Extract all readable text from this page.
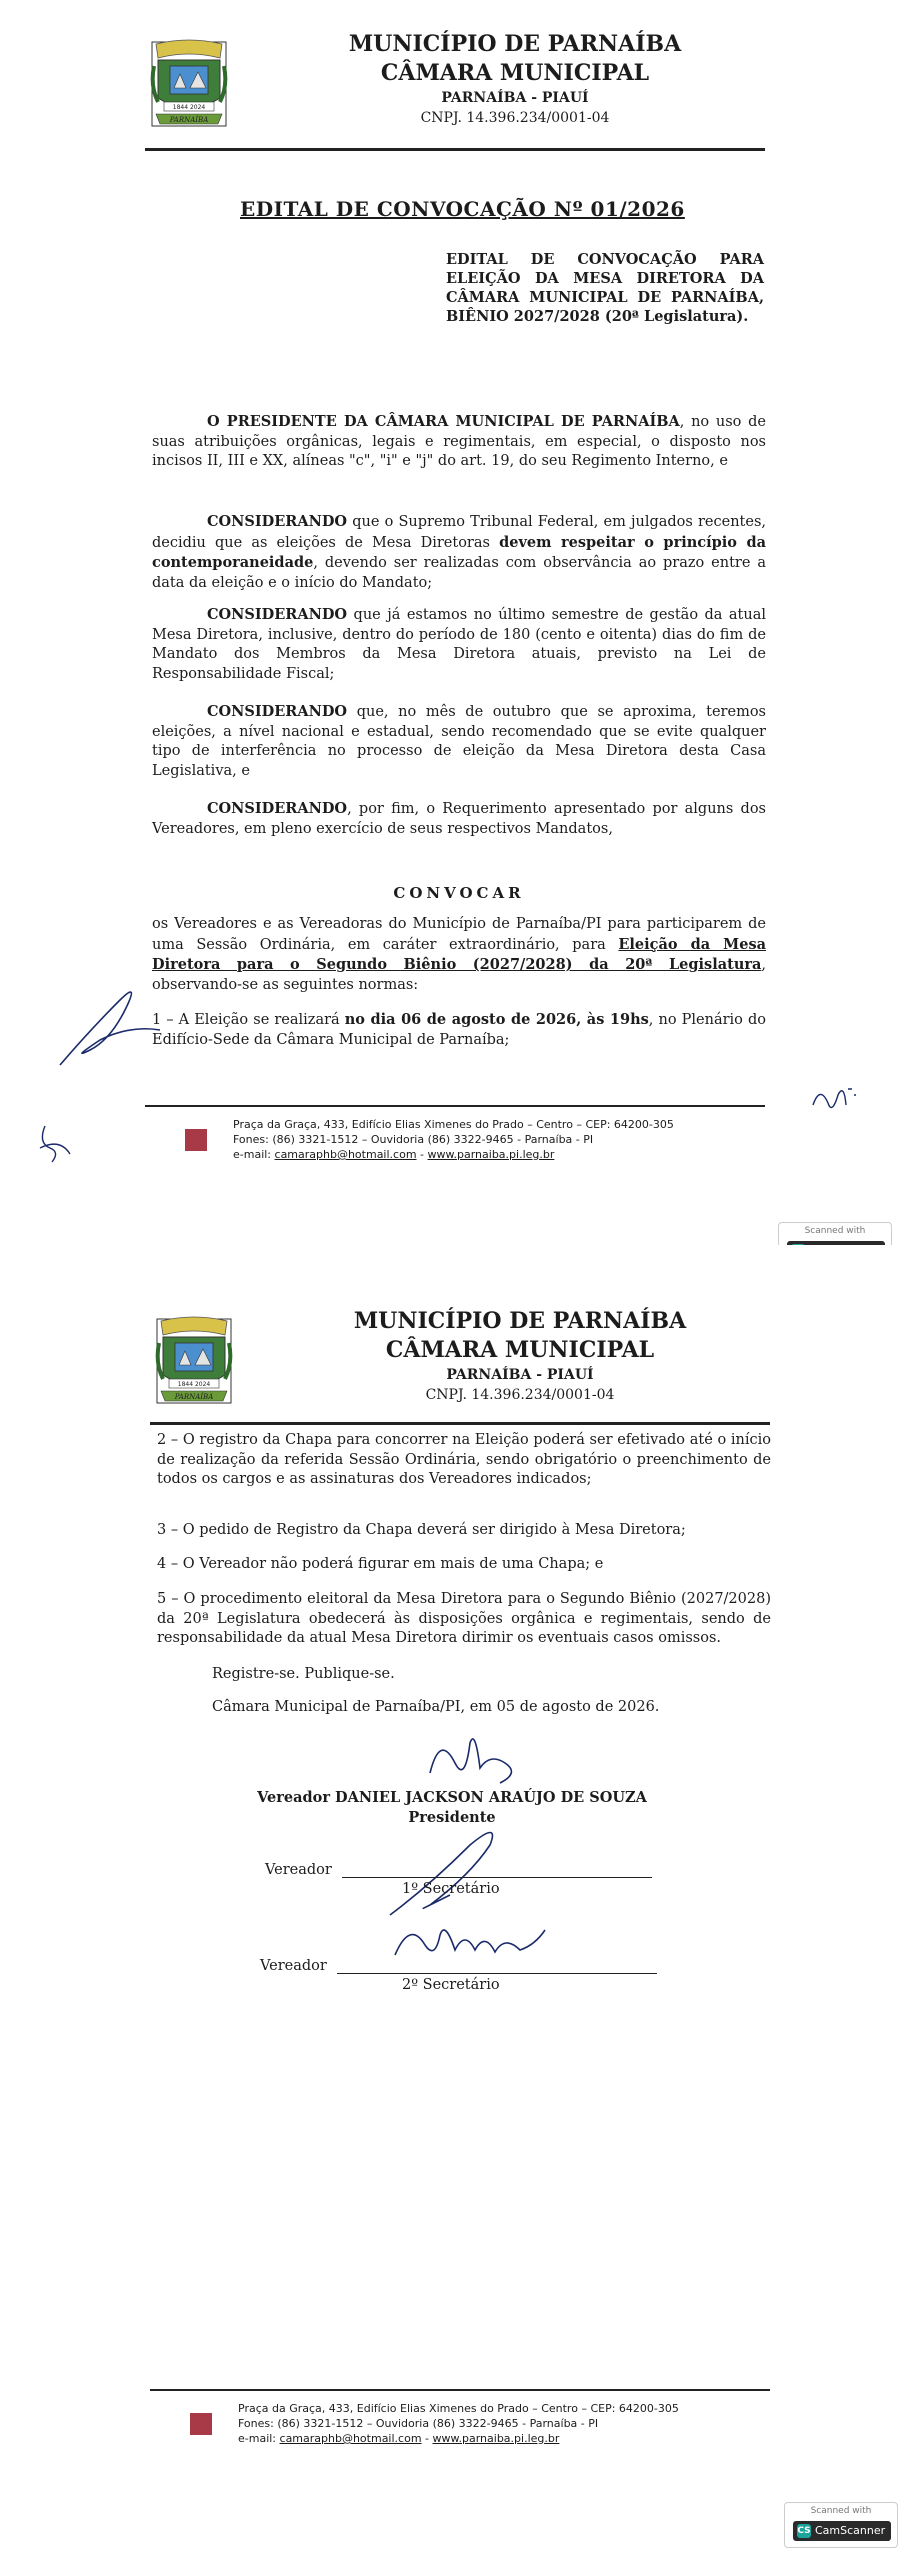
1844 2024
PARNAÍBA
MUNICÍPIO DE PARNAÍBA
CÂMARA MUNICIPAL
PARNAÍBA - PIAUÍ
CNPJ. 14.396.234/0001-04
EDITAL DE CONVOCAÇÃO Nº 01/2026
EDITAL DE CONVOCAÇÃO PARA ELEIÇÃO DA MESA DIRETORA DA CÂMARA MUNICIPAL DE PARNAÍBA, BIÊNIO 2027/2028 (20ª Legislatura).
O PRESIDENTE DA CÂMARA MUNICIPAL DE PARNAÍBA, no uso de suas atribuições orgânicas, legais e regimentais, em especial, o disposto nos incisos II, III e XX, alíneas "c", "i" e "j" do art. 19, do seu Regimento Interno, e
CONSIDERANDO que o Supremo Tribunal Federal, em julgados recentes, decidiu que as eleições de Mesa Diretoras devem respeitar o princípio da contemporaneidade, devendo ser realizadas com observância ao prazo entre a data da eleição e o início do Mandato;
CONSIDERANDO que já estamos no último semestre de gestão da atual Mesa Diretora, inclusive, dentro do período de 180 (cento e oitenta) dias do fim de Mandato dos Membros da Mesa Diretora atuais, previsto na Lei de Responsabilidade Fiscal;
CONSIDERANDO que, no mês de outubro que se aproxima, teremos eleições, a nível nacional e estadual, sendo recomendado que se evite qualquer tipo de interferência no processo de eleição da Mesa Diretora desta Casa Legislativa, e
CONSIDERANDO, por fim, o Requerimento apresentado por alguns dos Vereadores, em pleno exercício de seus respectivos Mandatos,
CONVOCAR
os Vereadores e as Vereadoras do Município de Parnaíba/PI para participarem de uma Sessão Ordinária, em caráter extraordinário, para Eleição da Mesa Diretora para o Segundo Biênio (2027/2028) da 20ª Legislatura, observando-se as seguintes normas:
1 – A Eleição se realizará no dia 06 de agosto de 2026, às 19hs, no Plenário do Edifício-Sede da Câmara Municipal de Parnaíba;
Praça da Graça, 433, Edifício Elias Ximenes do Prado – Centro – CEP: 64200-305
Fones: (86) 3321-1512 – Ouvidoria (86) 3322-9465 - Parnaíba - PI
e-mail: camaraphb@hotmail.com - www.parnaiba.pi.leg.br
Scanned with
1844 2024
PARNAÍBA
MUNICÍPIO DE PARNAÍBA
CÂMARA MUNICIPAL
PARNAÍBA - PIAUÍ
CNPJ. 14.396.234/0001-04
2 – O registro da Chapa para concorrer na Eleição poderá ser efetivado até o início de realização da referida Sessão Ordinária, sendo obrigatório o preenchimento de todos os cargos e as assinaturas dos Vereadores indicados;
3 – O pedido de Registro da Chapa deverá ser dirigido à Mesa Diretora;
4 – O Vereador não poderá figurar em mais de uma Chapa; e
5 – O procedimento eleitoral da Mesa Diretora para o Segundo Biênio (2027/2028) da 20ª Legislatura obedecerá às disposições orgânica e regimentais, sendo de responsabilidade da atual Mesa Diretora dirimir os eventuais casos omissos.
Registre-se. Publique-se.
Câmara Municipal de Parnaíba/PI, em 05 de agosto de 2026.
Vereador DANIEL JACKSON ARAÚJO DE SOUZA
Presidente
Vereador
1º Secretário
Vereador
2º Secretário
Praça da Graça, 433, Edifício Elias Ximenes do Prado – Centro – CEP: 64200-305
Fones: (86) 3321-1512 – Ouvidoria (86) 3322-9465 - Parnaíba - PI
e-mail: camaraphb@hotmail.com - www.parnaiba.pi.leg.br
Scanned with
CS CamScanner
